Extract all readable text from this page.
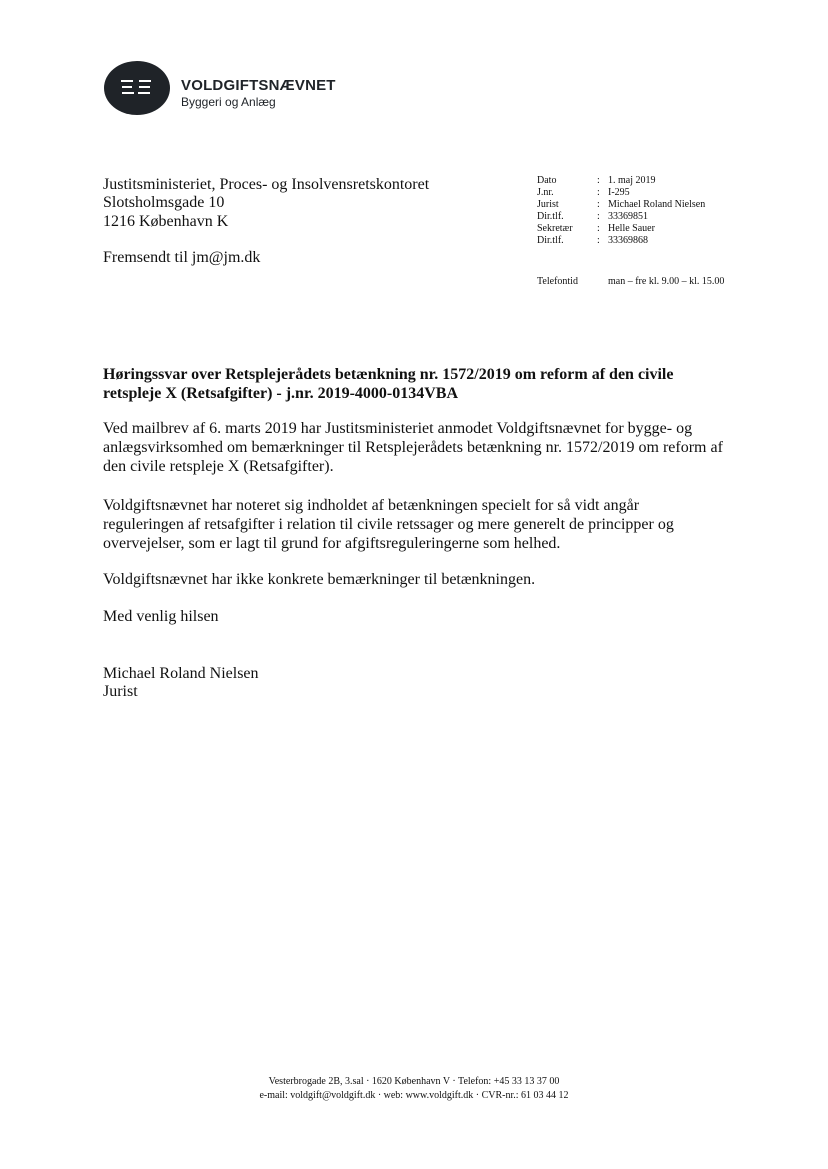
VOLDGIFTSNÆVNET
Byggeri og Anlæg
Justitsministeriet, Proces- og Insolvensretskontoret
Slotsholmsgade 10
1216 København K
Fremsendt til jm@jm.dk
Dato	: 1. maj 2019
J.nr.	: I-295
Jurist	: Michael Roland Nielsen
Dir.tlf.	: 33369851
Sekretær : Helle Sauer
Dir.tlf.	: 33369868
Telefontid	man – fre kl. 9.00 – kl. 15.00
Høringssvar over Retsplejerådets betænkning nr. 1572/2019 om reform af den civile retspleje X (Retsafgifter) - j.nr. 2019-4000-0134VBA
Ved mailbrev af 6. marts 2019 har Justitsministeriet anmodet Voldgiftsnævnet for bygge- og anlægsvirksomhed om bemærkninger til Retsplejerådets betænkning nr. 1572/2019 om reform af den civile retspleje X (Retsafgifter).
Voldgiftsnævnet har noteret sig indholdet af betænkningen specielt for så vidt angår reguleringen af retsafgifter i relation til civile retssager og mere generelt de principper og overvejelser, som er lagt til grund for afgiftsreguleringerne som helhed.
Voldgiftsnævnet har ikke konkrete bemærkninger til betænkningen.
Med venlig hilsen
Michael Roland Nielsen
Jurist
Vesterbrogade 2B, 3.sal · 1620 København V · Telefon: +45 33 13 37 00
e-mail: voldgift@voldgift.dk · web: www.voldgift.dk · CVR-nr.: 61 03 44 12
